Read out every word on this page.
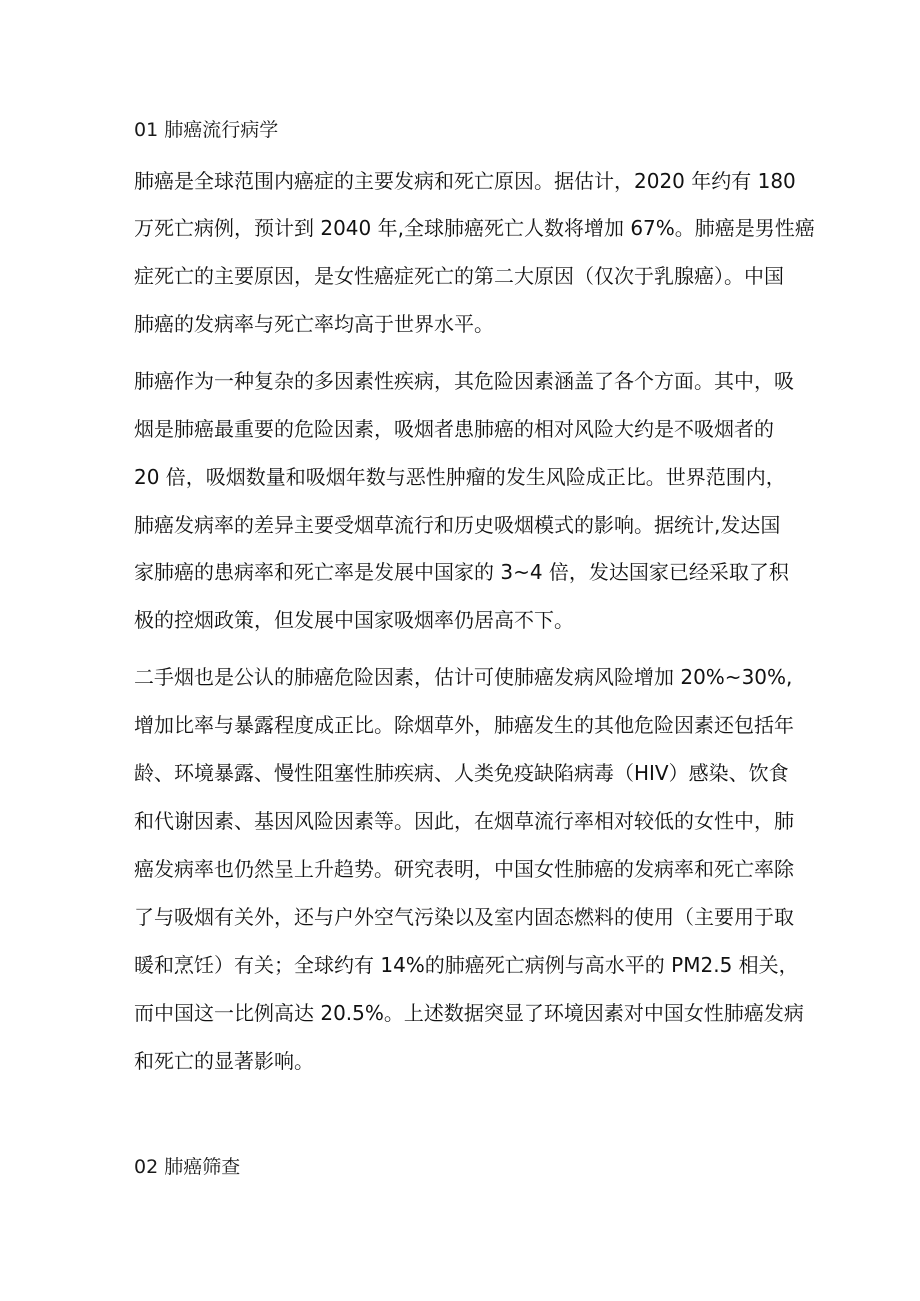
01 肺癌流行病学
肺癌是全球范围内癌症的主要发病和死亡原因。据估计，2020 年约有 180
万死亡病例，预计到 2040 年,全球肺癌死亡人数将增加 67%。肺癌是男性癌
症死亡的主要原因，是女性癌症死亡的第二大原因（仅次于乳腺癌）。中国
肺癌的发病率与死亡率均高于世界水平。
肺癌作为一种复杂的多因素性疾病，其危险因素涵盖了各个方面。其中，吸
烟是肺癌最重要的危险因素，吸烟者患肺癌的相对风险大约是不吸烟者的
20 倍，吸烟数量和吸烟年数与恶性肿瘤的发生风险成正比。世界范围内，
肺癌发病率的差异主要受烟草流行和历史吸烟模式的影响。据统计,发达国
家肺癌的患病率和死亡率是发展中国家的 3~4 倍，发达国家已经采取了积
极的控烟政策，但发展中国家吸烟率仍居高不下。
二手烟也是公认的肺癌危险因素，估计可使肺癌发病风险增加 20%~30%,
增加比率与暴露程度成正比。除烟草外，肺癌发生的其他危险因素还包括年
龄、环境暴露、慢性阻塞性肺疾病、人类免疫缺陷病毒（HIV）感染、饮食
和代谢因素、基因风险因素等。因此，在烟草流行率相对较低的女性中，肺
癌发病率也仍然呈上升趋势。研究表明，中国女性肺癌的发病率和死亡率除
了与吸烟有关外，还与户外空气污染以及室内固态燃料的使用（主要用于取
暖和烹饪）有关；全球约有 14%的肺癌死亡病例与高水平的 PM2.5 相关，
而中国这一比例高达 20.5%。上述数据突显了环境因素对中国女性肺癌发病
和死亡的显著影响。
02 肺癌筛查
